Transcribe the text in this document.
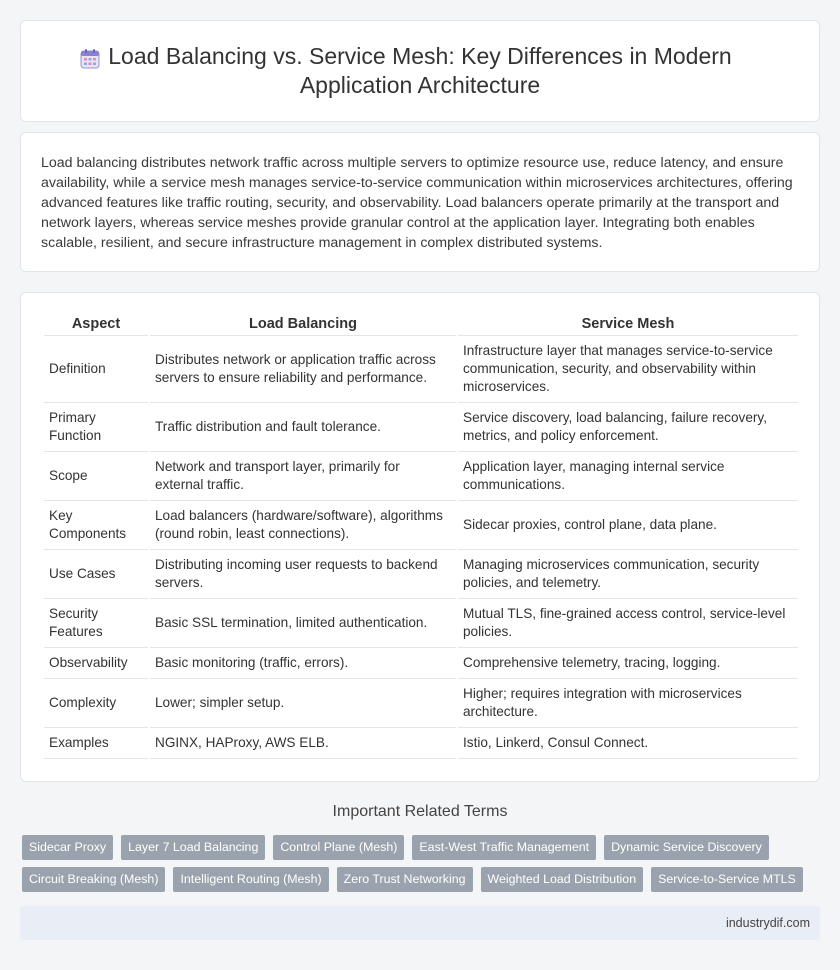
Load Balancing vs. Service Mesh: Key Differences in Modern Application Architecture

Load balancing distributes network traffic across multiple servers to optimize resource use, reduce latency, and ensure availability, while a service mesh manages service-to-service communication within microservices architectures, offering advanced features like traffic routing, security, and observability. Load balancers operate primarily at the transport and network layers, whereas service meshes provide granular control at the application layer. Integrating both enables scalable, resilient, and secure infrastructure management in complex distributed systems.

Aspect	Load Balancing	Service Mesh
Definition	Distributes network or application traffic across servers to ensure reliability and performance.	Infrastructure layer that manages service-to-service communication, security, and observability within microservices.
Primary Function	Traffic distribution and fault tolerance.	Service discovery, load balancing, failure recovery, metrics, and policy enforcement.
Scope	Network and transport layer, primarily for external traffic.	Application layer, managing internal service communications.
Key Components	Load balancers (hardware/software), algorithms (round robin, least connections).	Sidecar proxies, control plane, data plane.
Use Cases	Distributing incoming user requests to backend servers.	Managing microservices communication, security policies, and telemetry.
Security Features	Basic SSL termination, limited authentication.	Mutual TLS, fine-grained access control, service-level policies.
Observability	Basic monitoring (traffic, errors).	Comprehensive telemetry, tracing, logging.
Complexity	Lower; simpler setup.	Higher; requires integration with microservices architecture.
Examples	NGINX, HAProxy, AWS ELB.	Istio, Linkerd, Consul Connect.
Important Related Terms
Sidecar Proxy	Layer 7 Load Balancing	Control Plane (Mesh)	East-West Traffic Management	Dynamic Service Discovery
Circuit Breaking (Mesh)	Intelligent Routing (Mesh)	Zero Trust Networking	Weighted Load Distribution	Service-to-Service MTLS
industrydif.com
